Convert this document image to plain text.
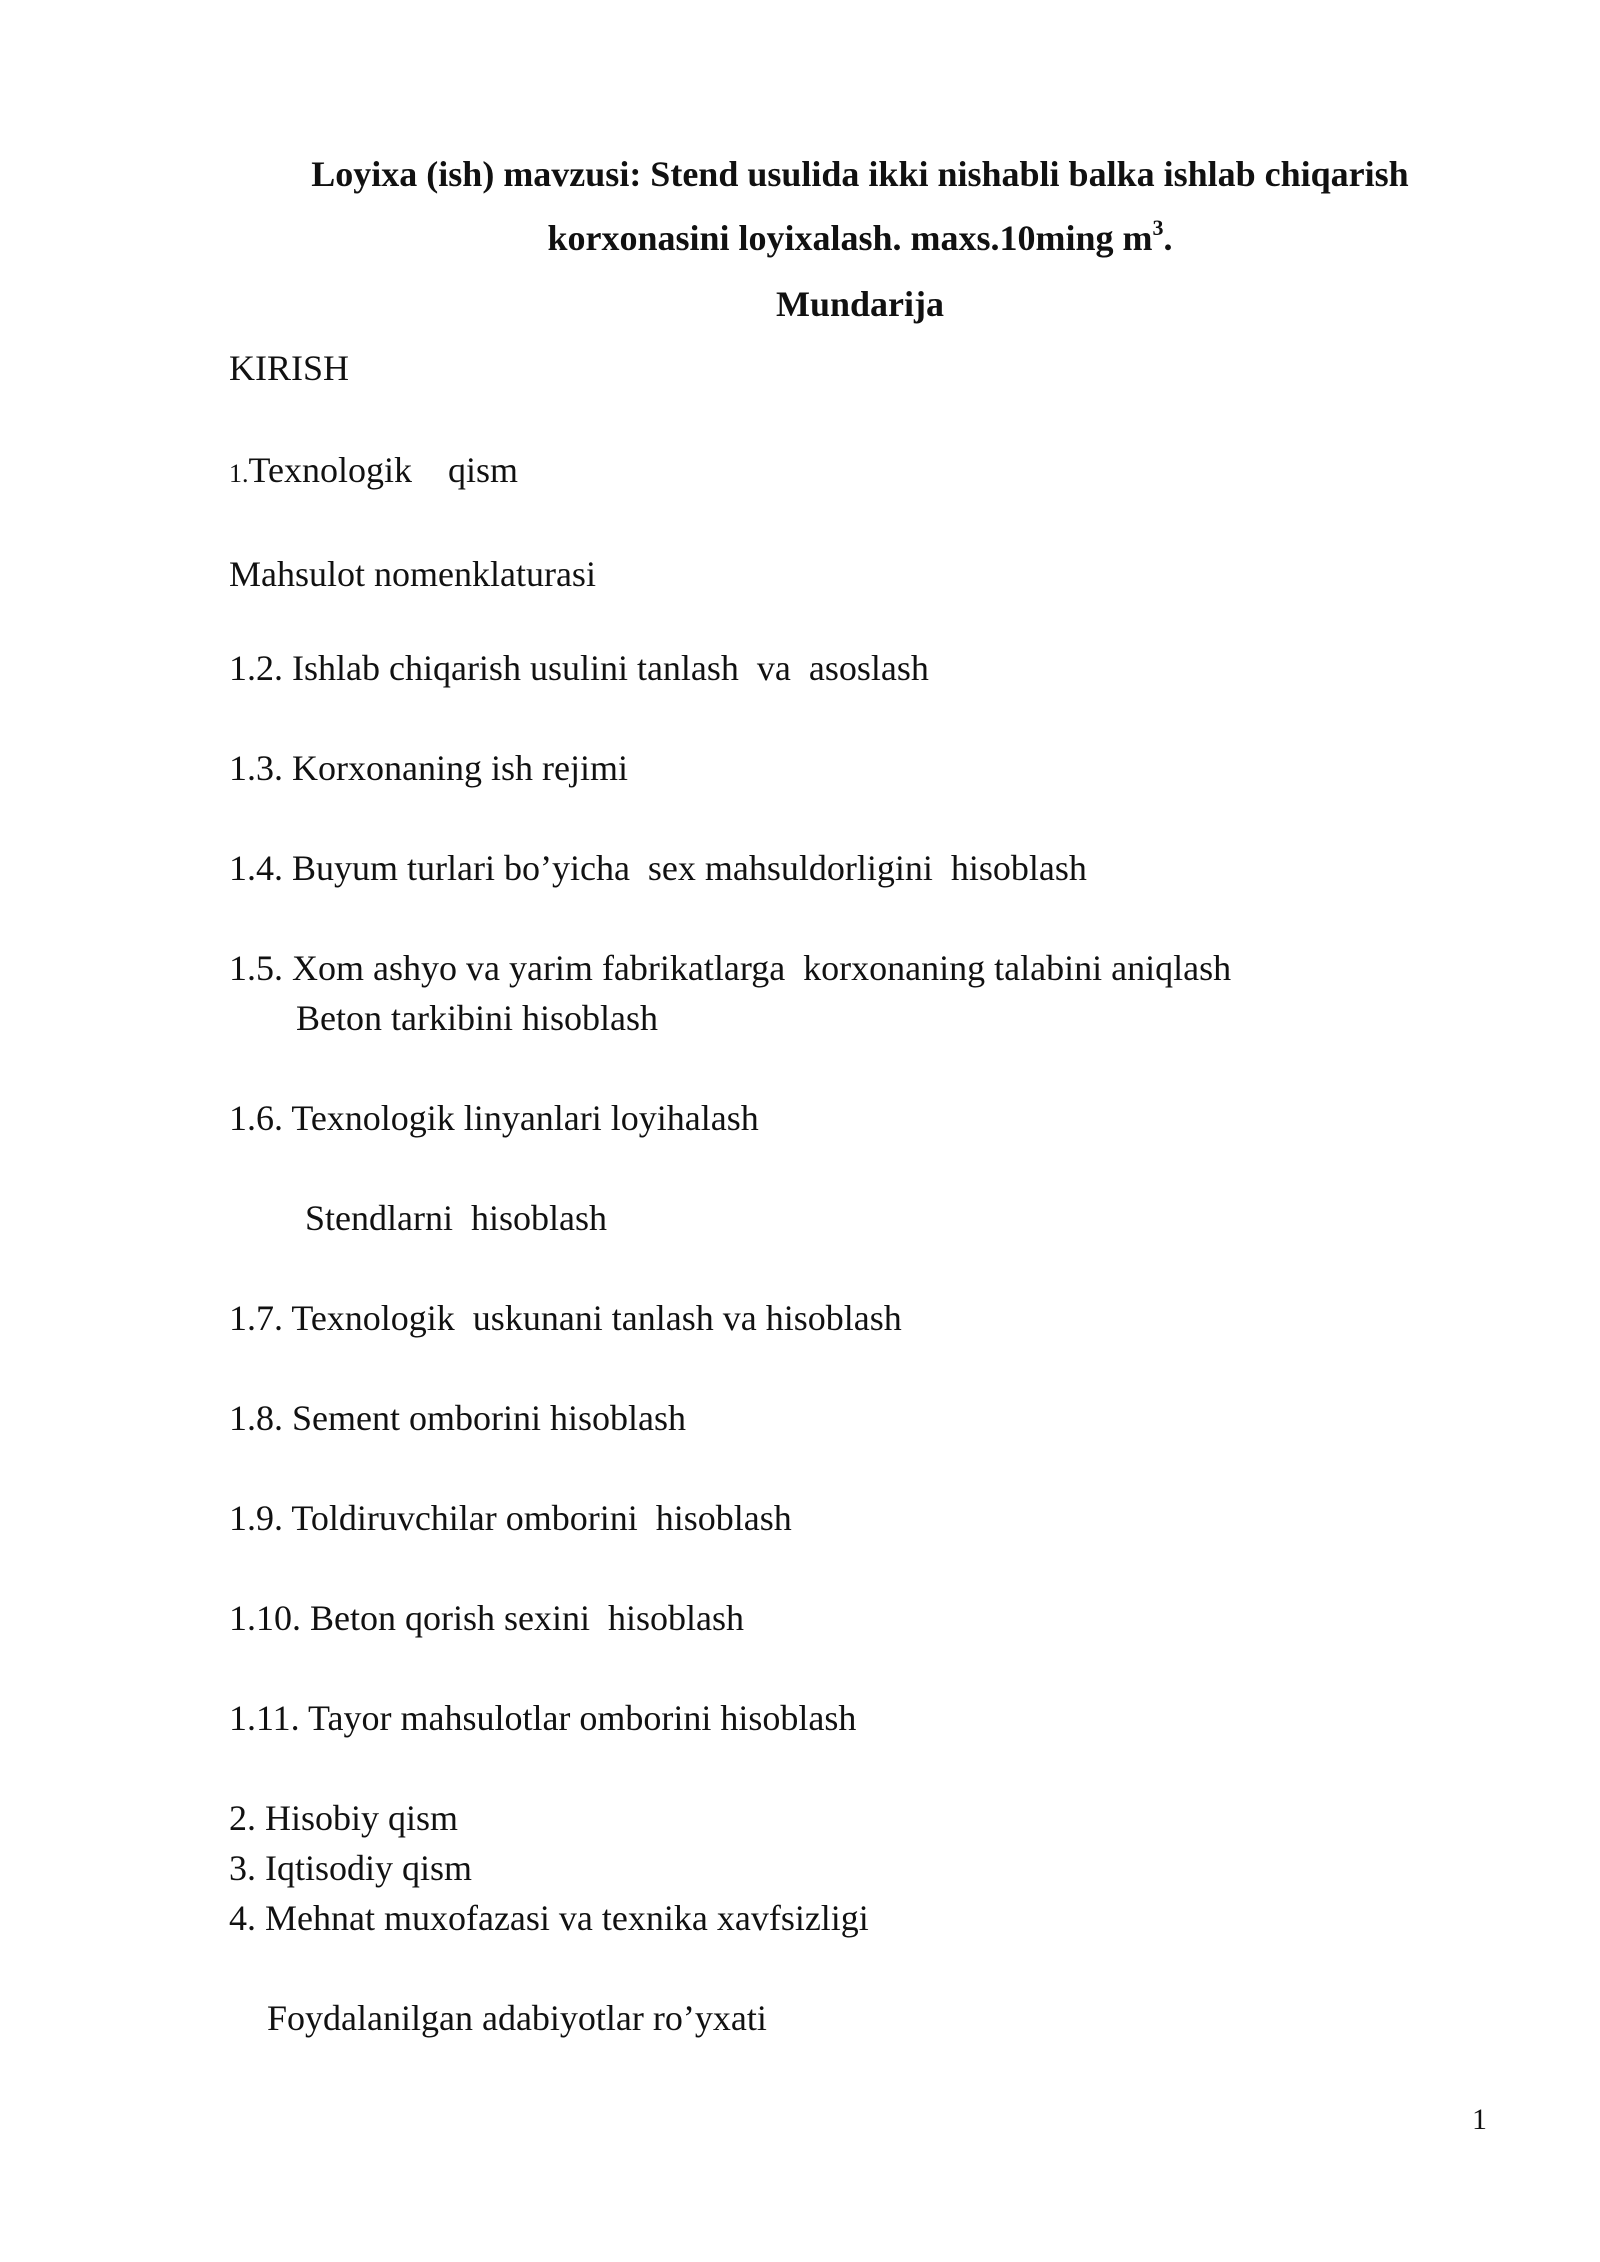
Loyixa (ish) mavzusi: Stend usulida ikki nishabli balka ishlab chiqarish
korxonasini loyixalash. maxs.10ming $m^3$.
Mundarija
KIRISH
1.Texnologik    qism
Mahsulot nomenklaturasi
1.2. Ishlab chiqarish usulini tanlash  va  asoslash
1.3. Korxonaning ish rejimi
1.4. Buyum turlari bo’yicha  sex mahsuldorligini  hisoblash
1.5. Xom ashyo va yarim fabrikatlarga  korxonaning talabini aniqlash
Beton tarkibini hisoblash
1.6. Texnologik linyanlari loyihalash
Stendlarni  hisoblash
1.7. Texnologik  uskunani tanlash va hisoblash
1.8. Sement omborini hisoblash
1.9. Toldiruvchilar omborini  hisoblash
1.10. Beton qorish sexini  hisoblash
1.11. Tayor mahsulotlar omborini hisoblash
2. Hisobiy qism
3. Iqtisodiy qism
4. Mehnat muxofazasi va texnika xavfsizligi
Foydalanilgan adabiyotlar ro’yxati
1
